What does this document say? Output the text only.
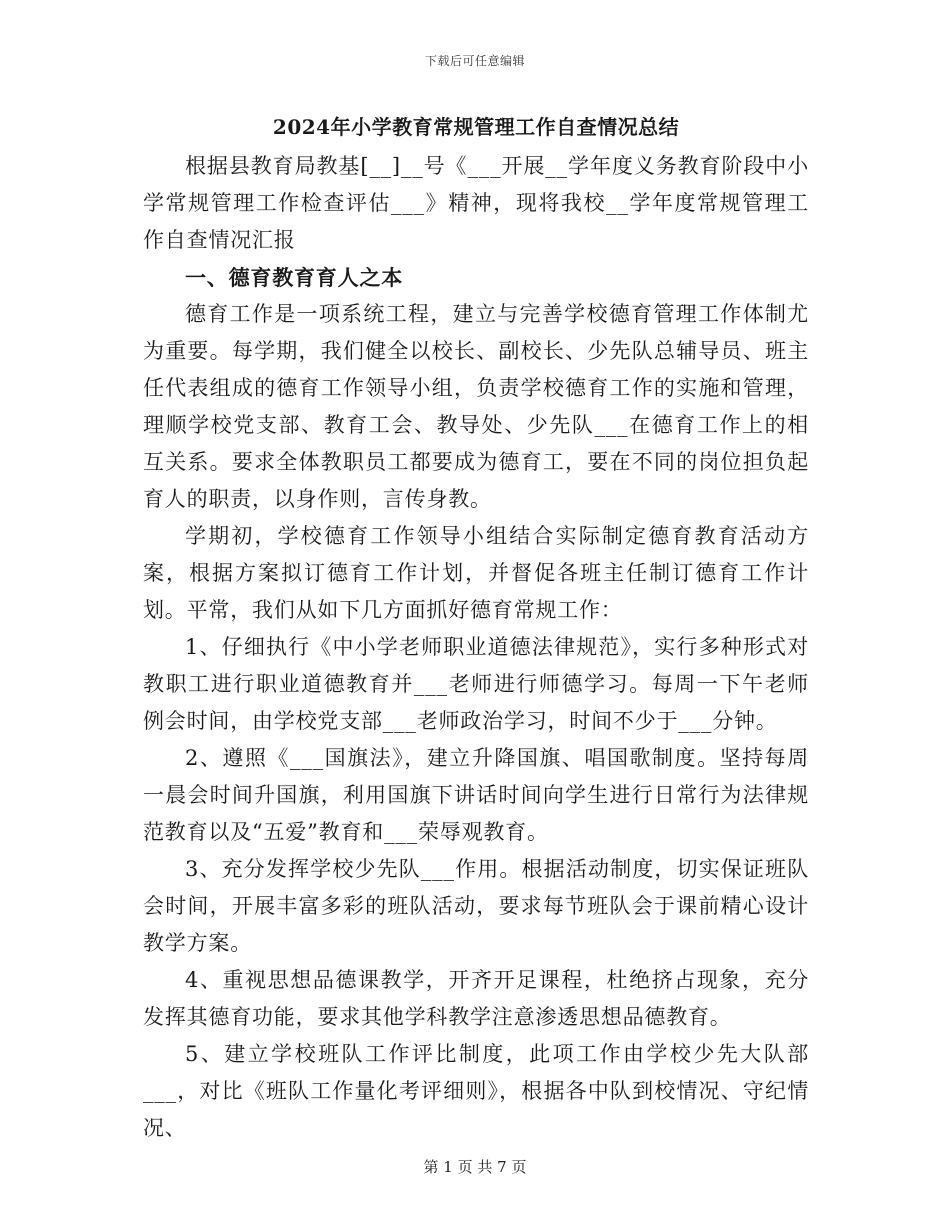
下载后可任意编辑
2024年小学教育常规管理工作自查情况总结

根据县教育局教基[__]__号《___开展__学年度义务教育阶段中小学常规管理工作检查评估___》精神，现将我校__学年度常规管理工作自查情况汇报

一、德育教育育人之本

德育工作是一项系统工程，建立与完善学校德育管理工作体制尤为重要。每学期，我们健全以校长、副校长、少先队总辅导员、班主任代表组成的德育工作领导小组，负责学校德育工作的实施和管理，理顺学校党支部、教育工会、教导处、少先队___在德育工作上的相互关系。要求全体教职员工都要成为德育工，要在不同的岗位担负起育人的职责，以身作则，言传身教。

学期初，学校德育工作领导小组结合实际制定德育教育活动方案，根据方案拟订德育工作计划，并督促各班主任制订德育工作计划。平常，我们从如下几方面抓好德育常规工作：

1、仔细执行《中小学老师职业道德法律规范》，实行多种形式对教职工进行职业道德教育并___老师进行师德学习。每周一下午老师例会时间，由学校党支部___老师政治学习，时间不少于___分钟。

2、遵照《___国旗法》，建立升降国旗、唱国歌制度。坚持每周一晨会时间升国旗，利用国旗下讲话时间向学生进行日常行为法律规范教育以及“五爱”教育和___荣辱观教育。

3、充分发挥学校少先队___作用。根据活动制度，切实保证班队会时间，开展丰富多彩的班队活动，要求每节班队会于课前精心设计教学方案。

4、重视思想品德课教学，开齐开足课程，杜绝挤占现象，充分发挥其德育功能，要求其他学科教学注意渗透思想品德教育。

5、建立学校班队工作评比制度，此项工作由学校少先大队部___，对比《班队工作量化考评细则》，根据各中队到校情况、守纪情况、

第 1 页 共 7 页
